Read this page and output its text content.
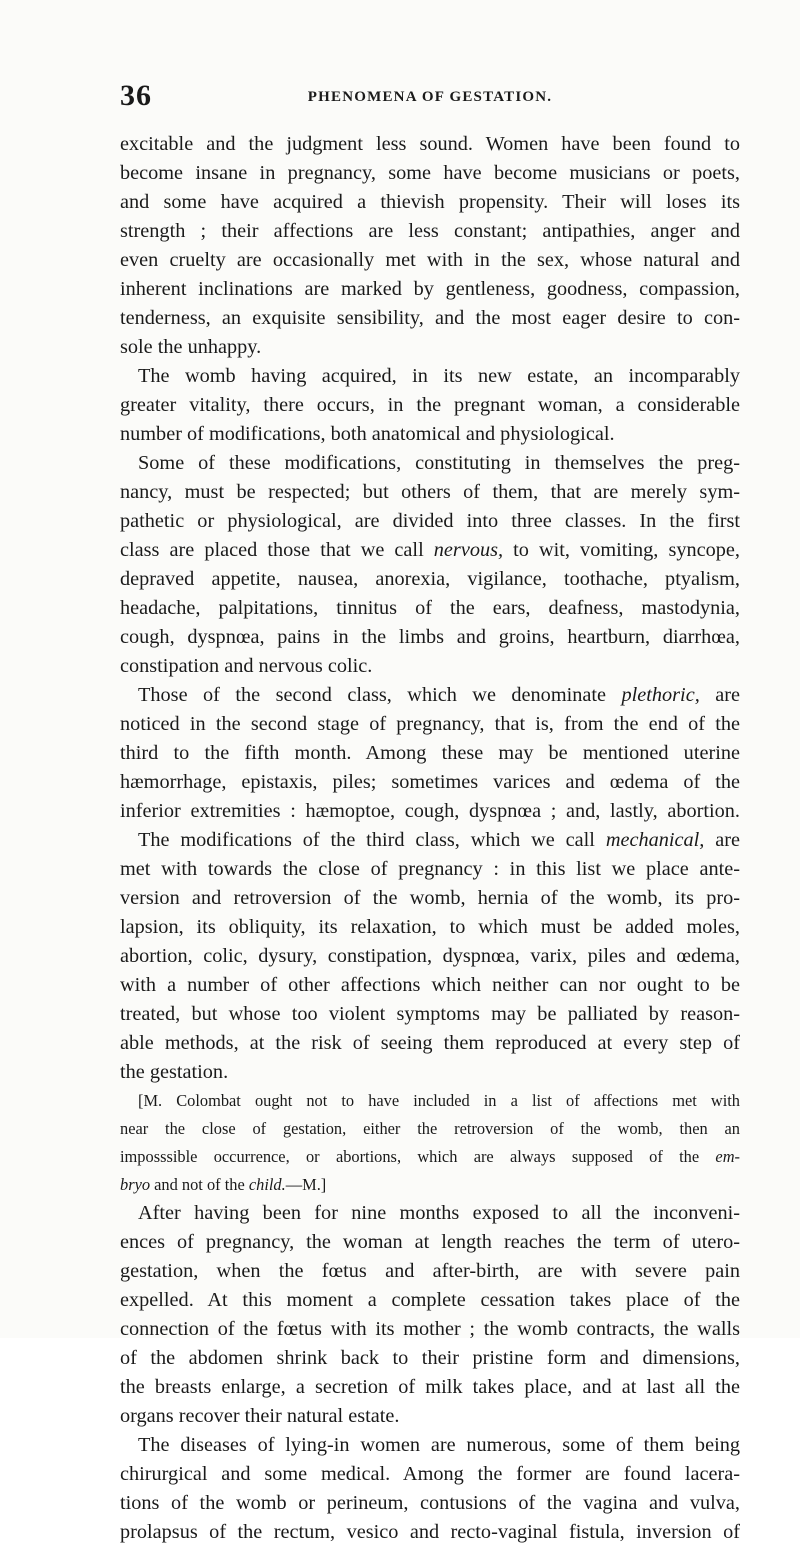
36	PHENOMENA OF GESTATION.
excitable and the judgment less sound. Women have been found to
become insane in pregnancy, some have become musicians or poets,
and some have acquired a thievish propensity. Their will loses its
strength ; their affections are less constant; antipathies, anger and
even cruelty are occasionally met with in the sex, whose natural and
inherent inclinations are marked by gentleness, goodness, compassion,
tenderness, an exquisite sensibility, and the most eager desire to con-
sole the unhappy.
The womb having acquired, in its new estate, an incomparably
greater vitality, there occurs, in the pregnant woman, a considerable
number of modifications, both anatomical and physiological.
Some of these modifications, constituting in themselves the preg-
nancy, must be respected; but others of them, that are merely sym-
pathetic or physiological, are divided into three classes. In the first
class are placed those that we call nervous, to wit, vomiting, syncope,
depraved appetite, nausea, anorexia, vigilance, toothache, ptyalism,
headache, palpitations, tinnitus of the ears, deafness, mastodynia,
cough, dyspnœa, pains in the limbs and groins, heartburn, diarrhœa,
constipation and nervous colic.
Those of the second class, which we denominate plethoric, are
noticed in the second stage of pregnancy, that is, from the end of the
third to the fifth month. Among these may be mentioned uterine
hæmorrhage, epistaxis, piles; sometimes varices and œdema of the
inferior extremities : hæmoptoe, cough, dyspnœa ; and, lastly, abortion.
The modifications of the third class, which we call mechanical, are
met with towards the close of pregnancy : in this list we place ante-
version and retroversion of the womb, hernia of the womb, its pro-
lapsion, its obliquity, its relaxation, to which must be added moles,
abortion, colic, dysury, constipation, dyspnœa, varix, piles and œdema,
with a number of other affections which neither can nor ought to be
treated, but whose too violent symptoms may be palliated by reason-
able methods, at the risk of seeing them reproduced at every step of
the gestation.
[M. Colombat ought not to have included in a list of affections met with
near the close of gestation, either the retroversion of the womb, then an
imposssible occurrence, or abortions, which are always supposed of the em-
bryo and not of the child.—M.]
After having been for nine months exposed to all the inconveni-
ences of pregnancy, the woman at length reaches the term of utero-
gestation, when the fœtus and after-birth, are with severe pain
expelled. At this moment a complete cessation takes place of the
connection of the fœtus with its mother ; the womb contracts, the walls
of the abdomen shrink back to their pristine form and dimensions,
the breasts enlarge, a secretion of milk takes place, and at last all the
organs recover their natural estate.
The diseases of lying-in women are numerous, some of them being
chirurgical and some medical. Among the former are found lacera-
tions of the womb or perineum, contusions of the vagina and vulva,
prolapsus of the rectum, vesico and recto-vaginal fistula, inversion of
